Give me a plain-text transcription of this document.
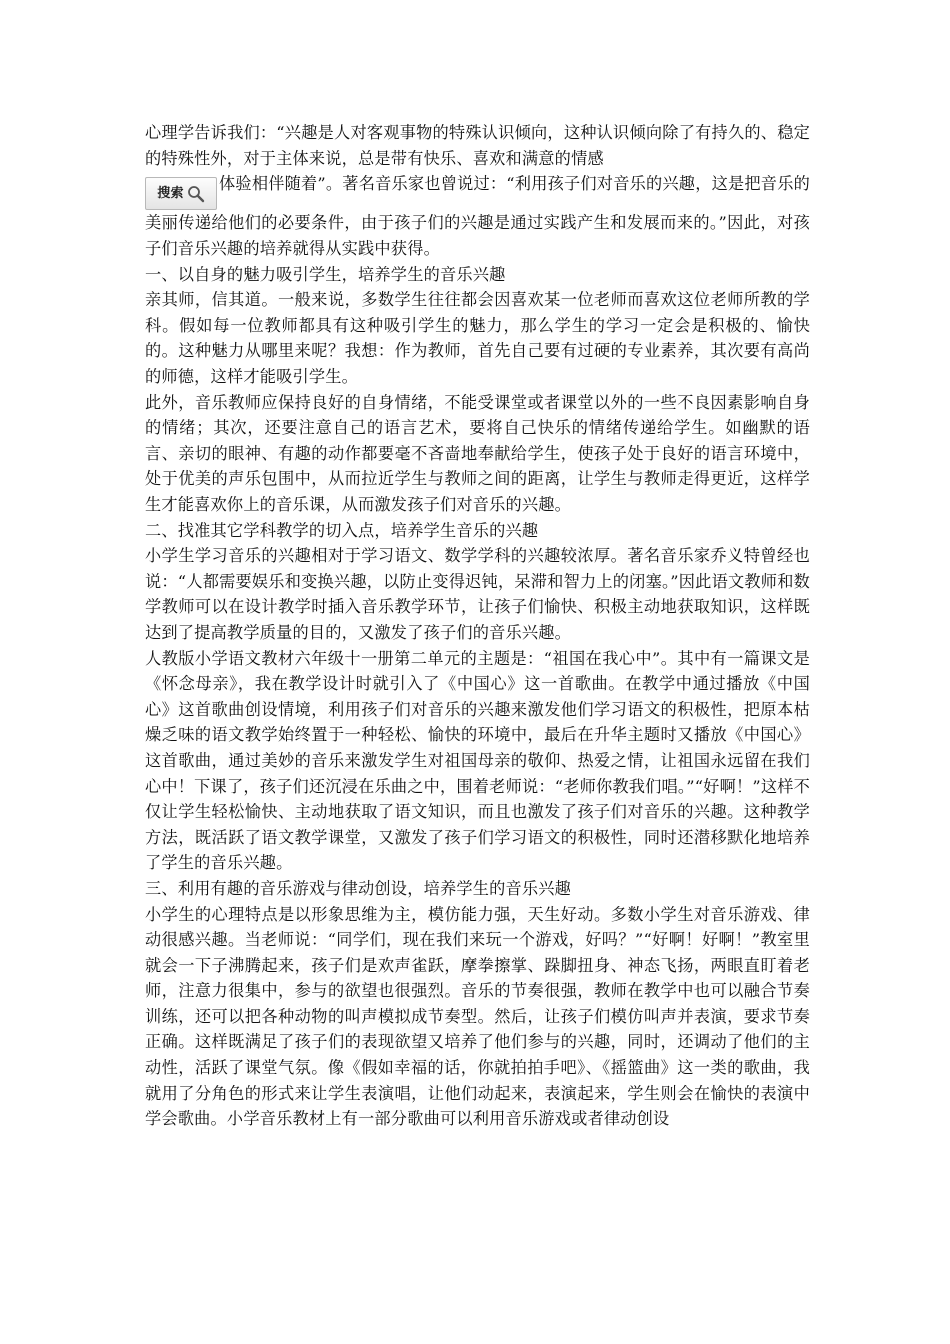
心理学告诉我们：“兴趣是人对客观事物的特殊认识倾向，这种认识倾向除了有持久的、稳定的特殊性外，对于主体来说，总是带有快乐、喜欢和满意的情感

搜索
体验相伴随着”。著名音乐家也曾说过：“利用孩子们对音乐的兴趣，这是把音乐的美丽传递给他们的必要条件，由于孩子们的兴趣是通过实践产生和发展而来的。”因此，对孩子们音乐兴趣的培养就得从实践中获得。

一、以自身的魅力吸引学生，培养学生的音乐兴趣

亲其师，信其道。一般来说，多数学生往往都会因喜欢某一位老师而喜欢这位老师所教的学科。假如每一位教师都具有这种吸引学生的魅力，那么学生的学习一定会是积极的、愉快的。这种魅力从哪里来呢？我想：作为教师，首先自己要有过硬的专业素养，其次要有高尚的师德，这样才能吸引学生。

此外，音乐教师应保持良好的自身情绪，不能受课堂或者课堂以外的一些不良因素影响自身的情绪；其次，还要注意自己的语言艺术，要将自己快乐的情绪传递给学生。如幽默的语言、亲切的眼神、有趣的动作都要毫不吝啬地奉献给学生，使孩子处于良好的语言环境中，处于优美的声乐包围中，从而拉近学生与教师之间的距离，让学生与教师走得更近，这样学生才能喜欢你上的音乐课，从而激发孩子们对音乐的兴趣。

二、找准其它学科教学的切入点，培养学生音乐的兴趣

小学生学习音乐的兴趣相对于学习语文、数学学科的兴趣较浓厚。著名音乐家乔义特曾经也说：“人都需要娱乐和变换兴趣，以防止变得迟钝，呆滞和智力上的闭塞。”因此语文教师和数学教师可以在设计教学时插入音乐教学环节，让孩子们愉快、积极主动地获取知识，这样既达到了提高教学质量的目的，又激发了孩子们的音乐兴趣。

人教版小学语文教材六年级十一册第二单元的主题是：“祖国在我心中”。其中有一篇课文是《怀念母亲》，我在教学设计时就引入了《中国心》这一首歌曲。在教学中通过播放《中国心》这首歌曲创设情境，利用孩子们对音乐的兴趣来激发他们学习语文的积极性，把原本枯燥乏味的语文教学始终置于一种轻松、愉快的环境中，最后在升华主题时又播放《中国心》这首歌曲，通过美妙的音乐来激发学生对祖国母亲的敬仰、热爱之情，让祖国永远留在我们心中！下课了，孩子们还沉浸在乐曲之中，围着老师说：“老师你教我们唱。”“好啊！”这样不仅让学生轻松愉快、主动地获取了语文知识，而且也激发了孩子们对音乐的兴趣。这种教学方法，既活跃了语文教学课堂，又激发了孩子们学习语文的积极性，同时还潜移默化地培养了学生的音乐兴趣。

三、利用有趣的音乐游戏与律动创设，培养学生的音乐兴趣

小学生的心理特点是以形象思维为主，模仿能力强，天生好动。多数小学生对音乐游戏、律动很感兴趣。当老师说：“同学们，现在我们来玩一个游戏，好吗？”“好啊！好啊！”教室里就会一下子沸腾起来，孩子们是欢声雀跃，摩拳擦掌、跺脚扭身、神态飞扬，两眼直盯着老师，注意力很集中，参与的欲望也很强烈。音乐的节奏很强，教师在教学中也可以融合节奏训练，还可以把各种动物的叫声模拟成节奏型。然后，让孩子们模仿叫声并表演，要求节奏正确。这样既满足了孩子们的表现欲望又培养了他们参与的兴趣，同时，还调动了他们的主动性，活跃了课堂气氛。像《假如幸福的话，你就拍拍手吧》、《摇篮曲》这一类的歌曲，我就用了分角色的形式来让学生表演唱，让他们动起来，表演起来，学生则会在愉快的表演中学会歌曲。小学音乐教材上有一部分歌曲可以利用音乐游戏或者律动创设
